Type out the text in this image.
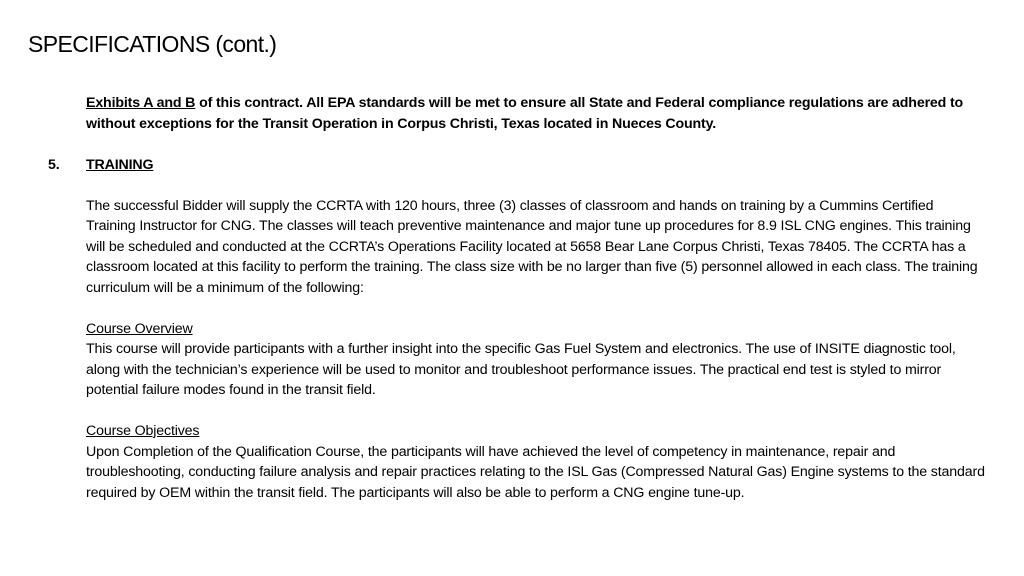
SPECIFICATIONS (cont.)

Exhibits A and B of this contract. All EPA standards will be met to ensure all State and Federal compliance regulations are adhered to without exceptions for the Transit Operation in Corpus Christi, Texas located in Nueces County.

5. TRAINING

The successful Bidder will supply the CCRTA with 120 hours, three (3) classes of classroom and hands on training by a Cummins Certified Training Instructor for CNG. The classes will teach preventive maintenance and major tune up procedures for 8.9 ISL CNG engines. This training will be scheduled and conducted at the CCRTA’s Operations Facility located at 5658 Bear Lane Corpus Christi, Texas 78405. The CCRTA has a classroom located at this facility to perform the training. The class size with be no larger than five (5) personnel allowed in each class. The training curriculum will be a minimum of the following:

Course Overview

This course will provide participants with a further insight into the specific Gas Fuel System and electronics. The use of INSITE diagnostic tool, along with the technician’s experience will be used to monitor and troubleshoot performance issues. The practical end test is styled to mirror potential failure modes found in the transit field.

Course Objectives

Upon Completion of the Qualification Course, the participants will have achieved the level of competency in maintenance, repair and troubleshooting, conducting failure analysis and repair practices relating to the ISL Gas (Compressed Natural Gas) Engine systems to the standard required by OEM within the transit field. The participants will also be able to perform a CNG engine tune-up.
